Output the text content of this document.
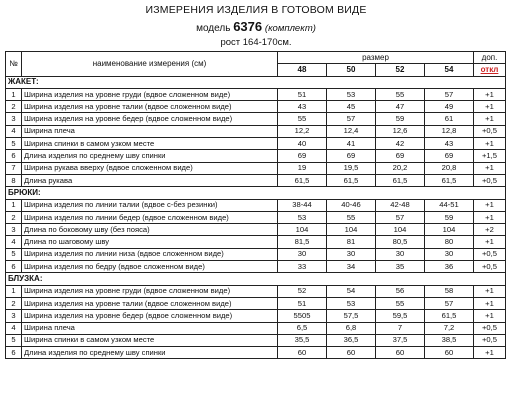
ИЗМЕРЕНИЯ ИЗДЕЛИЯ В ГОТОВОМ ВИДЕ
модель 6376 (комплект)
рост 164-170см.
№	наименование измерения (см)	размер				доп.
		48	50	52	54	откл
ЖАКЕТ:						
1	Ширина изделия на уровне груди (вдвое сложенном виде)	51	53	55	57	+1
2	Ширина изделия на уровне талии (вдвое сложенном виде)	43	45	47	49	+1
3	Ширина изделия на уровне бедер (вдвое сложенном виде)	55	57	59	61	+1
4	Ширина плеча	12,2	12,4	12,6	12,8	+0,5
5	Ширина спинки в самом узком месте	40	41	42	43	+1
6	Длина изделия по среднему шву спинки	69	69	69	69	+1,5
7	Ширина рукава вверху (вдвое сложенном виде)	19	19,5	20,2	20,8	+1
8	Длина рукава	61,5	61,5	61,5	61,5	+0,5
БРЮКИ:						
1	Ширина изделия по линии талии (вдвое с-без резинки)	38-44	40-46	42-48	44-51	+1
2	Ширина изделия по линии бедер (вдвое сложенном виде)	53	55	57	59	+1
3	Длина по боковому шву (без пояса)	104	104	104	104	+2
4	Длина по шаговому шву	81,5	81	80,5	80	+1
5	Ширина изделия по линии низа (вдвое сложенном виде)	30	30	30	30	+0,5
6	Ширина изделия по бедру (вдвое сложенном виде)	33	34	35	36	+0,5
БЛУЗКА:						
1	Ширина изделия на уровне груди (вдвое сложенном виде)	52	54	56	58	+1
2	Ширина изделия на уровне талии (вдвое сложенном виде)	51	53	55	57	+1
3	Ширина изделия на уровне бедер (вдвое сложенном виде)	5505	57,5	59,5	61,5	+1
4	Ширина плеча	6,5	6,8	7	7,2	+0,5
5	Ширина спинки в самом узком месте	35,5	36,5	37,5	38,5	+0,5
6	Длина изделия по среднему шву спинки	60	60	60	60	+1
